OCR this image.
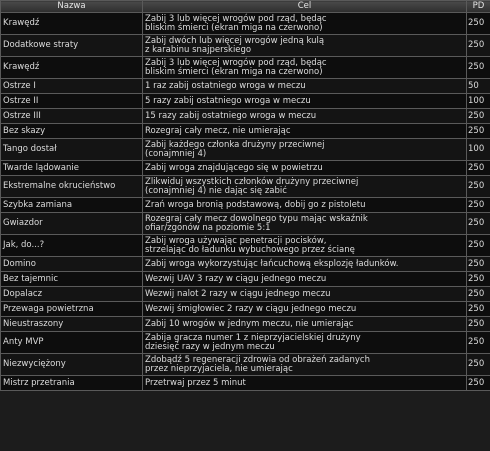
Nazwa	Cel	PD
Krawędź	Zabij 3 lub więcej wrogów pod rząd, będąc
bliskim śmierci (ekran miga na czerwono)	250
Dodatkowe straty	Zabij dwóch lub więcej wrogów jedną kulą
z karabinu snajperskiego	250
Krawędź	Zabij 3 lub więcej wrogów pod rząd, będąc
bliskim śmierci (ekran miga na czerwono)	250
Ostrze I	1 raz zabij ostatniego wroga w meczu	50
Ostrze II	5 razy zabij ostatniego wroga w meczu	100
Ostrze III	15 razy zabij ostatniego wroga w meczu	250
Bez skazy	Rozegraj cały mecz, nie umierając	250
Tango dostał	Zabij każdego członka drużyny przeciwnej
(conajmniej 4)	100
Twarde lądowanie	Zabij wroga znajdującego się w powietrzu	250
Ekstremalne okrucieństwo	Zlikwiduj wszystkich członków drużyny przeciwnej
(conajmniej 4) nie dając się zabić	250
Szybka zamiana	Zrań wroga bronią podstawową, dobij go z pistoletu	250
Gwiazdor	Rozegraj cały mecz dowolnego typu mając wskaźnik
ofiar/zgonów na poziomie 5:1	250
Jak, do...?	Zabij wroga używając penetracji pocisków,
strzelając do ładunku wybuchowego przez ścianę	250
Domino	Zabij wroga wykorzystując łańcuchową eksplozję ładunków.	250
Bez tajemnic	Wezwij UAV 3 razy w ciągu jednego meczu	250
Dopalacz	Wezwij nalot 2 razy w ciągu jednego meczu	250
Przewaga powietrzna	Wezwij śmigłowiec 2 razy w ciągu jednego meczu	250
Nieustraszony	Zabij 10 wrogów w jednym meczu, nie umierając	250
Anty MVP	Zabija gracza numer 1 z nieprzyjacielskiej drużyny
dziesięć razy w jednym meczu	250
Niezwyciężony	Zdobądź 5 regeneracji zdrowia od obrażeń zadanych
przez nieprzyjaciela, nie umierając	250
Mistrz przetrania	Przetrwaj przez 5 minut	250
